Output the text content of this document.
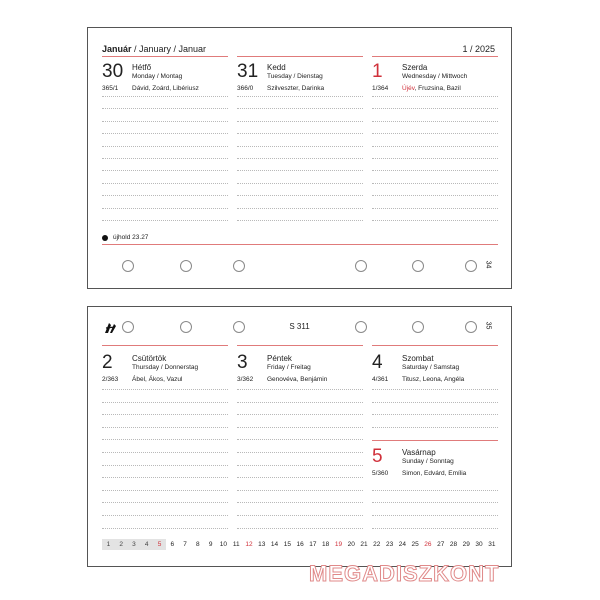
Január / January / Januar	1 / 2025
30 Hétfő
Monday / Montag
365/1 Dávid, Zoárd, Libériusz
31 Kedd
Tuesday / Dienstag
366/0 Szilveszter, Darinka
1 Szerda
Wednesday / Mittwoch
1/364 Újév, Fruzsina, Bazil
újhold 23.27
34
S 311	35
2 Csütörtök
Thursday / Donnerstag
2/363 Ábel, Ákos, Vazul
3 Péntek
Friday / Freitag
3/362 Genovéva, Benjámin
4 Szombat
Saturday / Samstag
4/361 Titusz, Leona, Angéla
5 Vasárnap
Sunday / Sonntag
5/360 Simon, Edvárd, Emília
1	2	3	4	5	6	7	8	9	10 11 12 13 14 15 16 17 18 19 20 21 22 23 24 25 26 27 28 29 30 31
MEGADISZKONT
